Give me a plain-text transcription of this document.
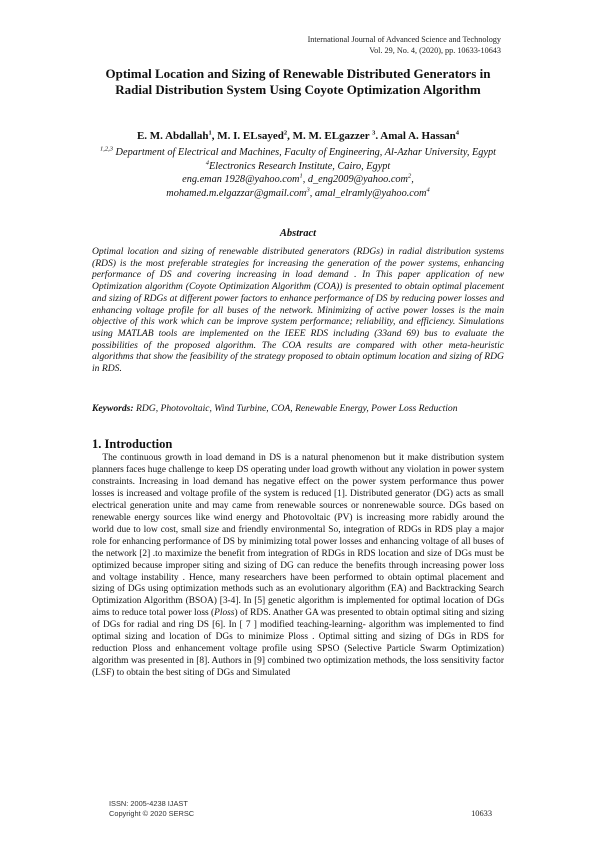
International Journal of Advanced Science and Technology
Vol. 29, No. 4, (2020), pp. 10633-10643
Optimal Location and Sizing of Renewable Distributed Generators in Radial Distribution System Using Coyote Optimization Algorithm
E. M. Abdallah$^1$, M. I. ELsayed$^2$, M. M. ELgazzer $^3$. Amal A. Hassan$^4$

$^{1,2,3}$ Department of Electrical and Machines, Faculty of Engineering, Al-Azhar University, Egypt

$^4$Electronics Research Institute, Cairo, Egypt

eng.eman 1928@yahoo.com$^1$, d_eng2009@yahoo.com$^2$,

mohamed.m.elgazzar@gmail.com$^3$, amal_elramly@yahoo.com$^4$

Abstract
Optimal location and sizing of renewable distributed generators (RDGs) in radial distribution systems (RDS) is the most preferable strategies for increasing the generation of the power systems, enhancing performance of DS and covering increasing in load demand . In This paper application of new Optimization algorithm (Coyote Optimization Algorithm (COA)) is presented to obtain optimal placement and sizing of RDGs at different power factors to enhance performance of DS by reducing power losses and enhancing voltage profile for all buses of the network. Minimizing of active power losses is the main objective of this work which can be improve system performance; reliability, and efficiency. Simulations using MATLAB tools are implemented on the IEEE RDS including (33and 69) bus to evaluate the possibilities of the proposed algorithm. The COA results are compared with other meta-heuristic algorithms that show the feasibility of the strategy proposed to obtain optimum location and sizing of RDG in RDS.
Keywords: RDG, Photovoltaic, Wind Turbine, COA, Renewable Energy, Power Loss Reduction
1. Introduction
The continuous growth in load demand in DS is a natural phenomenon but it make distribution system planners faces huge challenge to keep DS operating under load growth without any violation in power system constraints. Increasing in load demand has negative effect on the power system performance thus power losses is increased and voltage profile of the system is reduced [1]. Distributed generator (DG) acts as small electrical generation unite and may came from renewable sources or nonrenewable source. DGs based on renewable energy sources like wind energy and Photovoltaic (PV) is increasing more rabidly around the world due to low cost, small size and friendly environmental So, integration of RDGs in RDS play a major role for enhancing performance of DS by minimizing total power losses and enhancing voltage of all buses of the network [2] .to maximize the benefit from integration of RDGs in RDS location and size of DGs must be optimized because improper siting and sizing of DG can reduce the benefits through increasing power loss and voltage instability . Hence, many researchers have been performed to obtain optimal placement and sizing of DGs using optimization methods such as an evolutionary algorithm (EA) and Backtracking Search Optimization Algorithm (BSOA) [3-4]. In [5] genetic algorithm is implemented for optimal location of DGs aims to reduce total power loss (Ploss) of RDS. Anather GA was presented to obtain optimal siting and sizing of DGs for radial and ring DS [6]. In [ 7 ] modified teaching-learning- algorithm was implemented to find optimal sizing and location of DGs to minimize Ploss . Optimal sitting and sizing of DGs in RDS for reduction Ploss and enhancement voltage profile using SPSO (Selective Particle Swarm Optimization) algorithm was presented in [8]. Authors in [9] combined two optimization methods, the loss sensitivity factor (LSF) to obtain the best siting of DGs and Simulated
ISSN: 2005-4238 IJAST
Copyright © 2020 SERSC	10633
